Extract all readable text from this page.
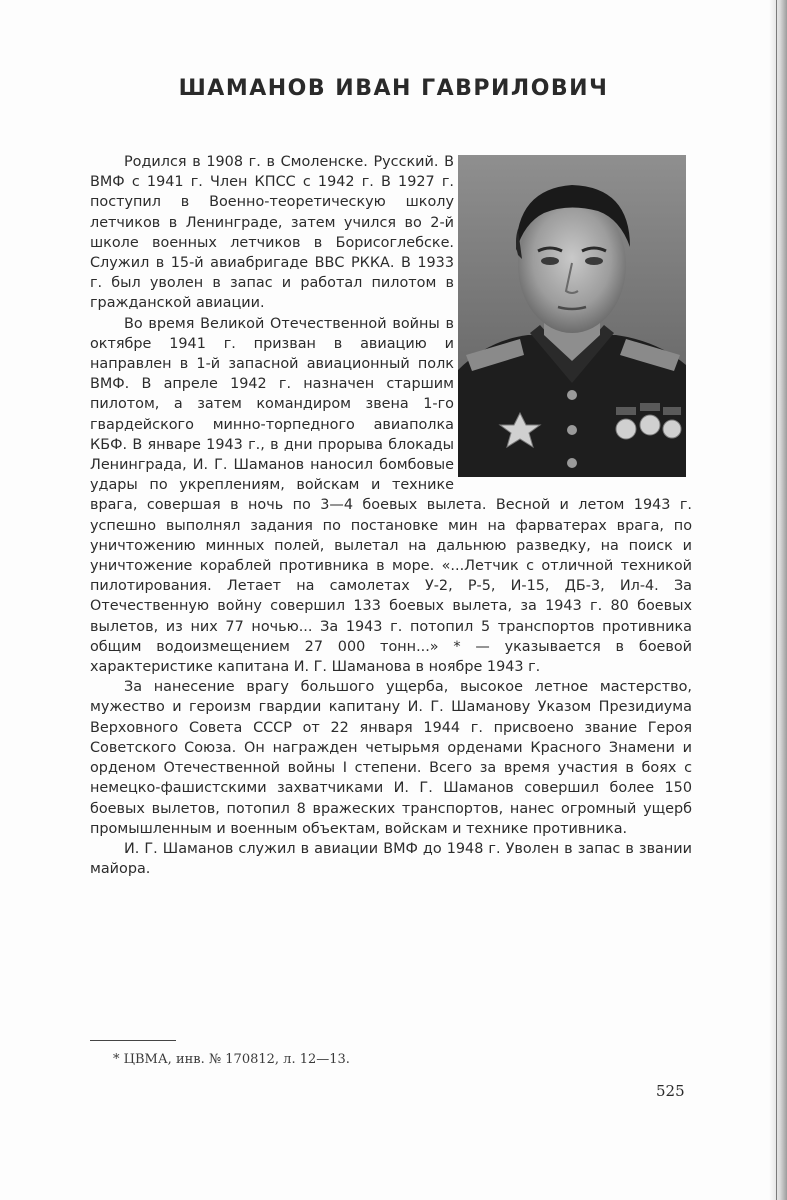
ШАМАНОВ ИВАН ГАВРИЛОВИЧ

Родился в 1908 г. в Смоленске. Русский. В ВМФ с 1941 г. Член КПСС с 1942 г. В 1927 г. поступил в Военно-теоретическую школу летчиков в Ленинграде, затем учился во 2-й школе военных летчиков в Борисоглебске. Служил в 15-й авиабригаде ВВС РККА. В 1933 г. был уволен в запас и работал пилотом в гражданской авиации.

Во время Великой Отечественной войны в октябре 1941 г. призван в авиацию и направлен в 1-й запасной авиационный полк ВМФ. В апреле 1942 г. назначен старшим пилотом, а затем командиром звена 1-го гвардейского минно-торпедного авиаполка КБФ. В январе 1943 г., в дни прорыва блокады Ленинграда, И. Г. Шаманов наносил бомбовые удары по укреплениям, войскам и технике врага, совершая в ночь по 3—4 боевых вылета. Весной и летом 1943 г. успешно выполнял задания по постановке мин на фарватерах врага, по уничтожению минных полей, вылетал на дальнюю разведку, на поиск и уничтожение кораблей противника в море. «...Летчик с отличной техникой пилотирования. Летает на самолетах У-2, Р-5, И-15, ДБ-3, Ил-4. За Отечественную войну совершил 133 боевых вылета, за 1943 г. 80 боевых вылетов, из них 77 ночью... За 1943 г. потопил 5 транспортов противника общим водоизмещением 27 000 тонн...» * — указывается в боевой характеристике капитана И. Г. Шаманова в ноябре 1943 г.

За нанесение врагу большого ущерба, высокое летное мастерство, мужество и героизм гвардии капитану И. Г. Шаманову Указом Президиума Верховного Совета СССР от 22 января 1944 г. присвоено звание Героя Советского Союза. Он награжден четырьмя орденами Красного Знамени и орденом Отечественной войны I степени. Всего за время участия в боях с немецко-фашистскими захватчиками И. Г. Шаманов совершил более 150 боевых вылетов, потопил 8 вражеских транспортов, нанес огромный ущерб промышленным и военным объектам, войскам и технике противника.

И. Г. Шаманов служил в авиации ВМФ до 1948 г. Уволен в запас в звании майора.

* ЦВМА, инв. № 170812, л. 12—13.
525
